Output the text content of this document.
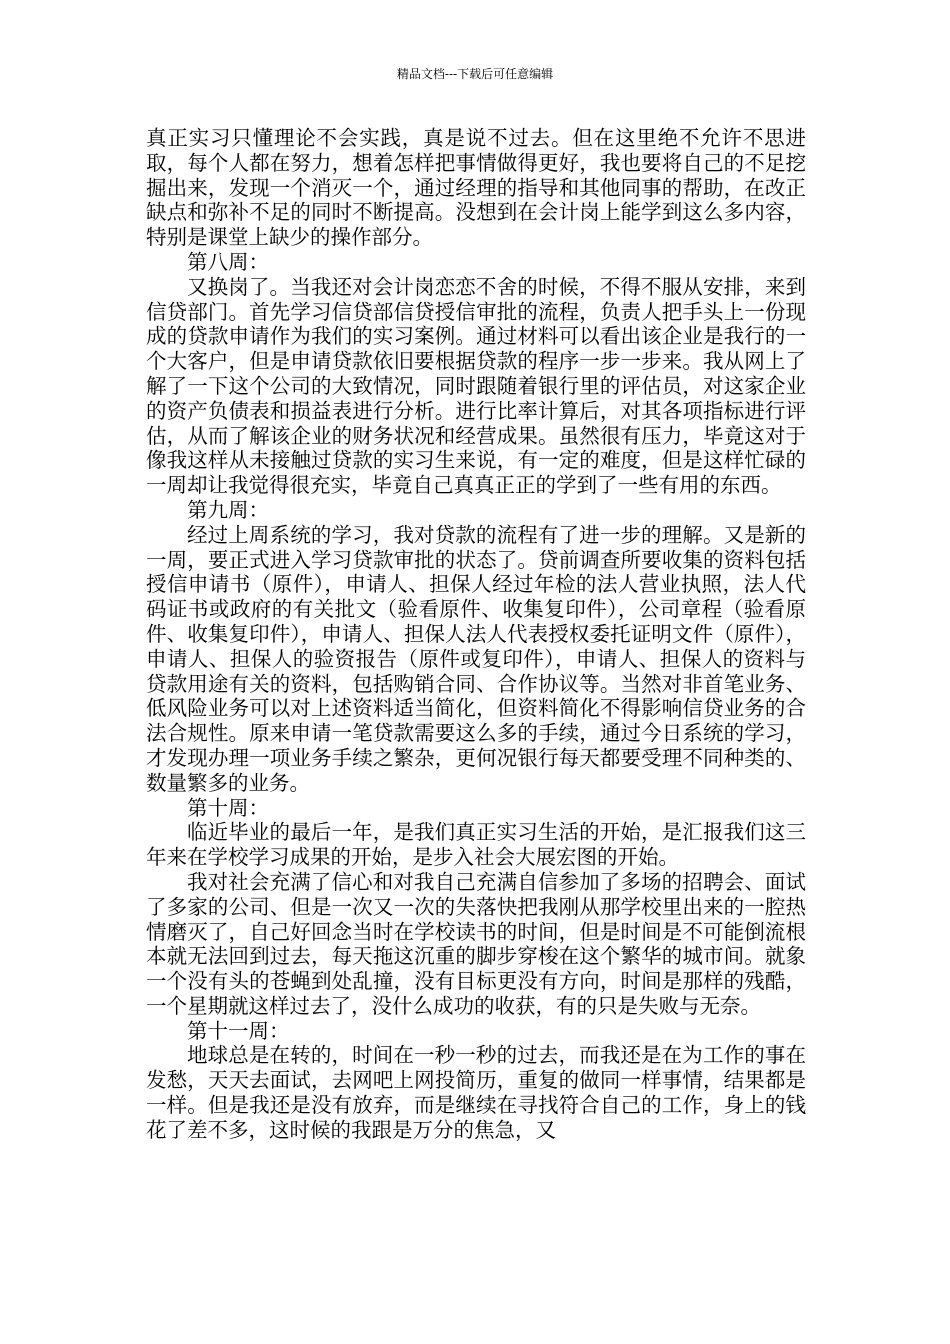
精品文档---下载后可任意编辑

真正实习只懂理论不会实践，真是说不过去。但在这里绝不允许不思进取，每个人都在努力，想着怎样把事情做得更好，我也要将自己的不足挖掘出来，发现一个消灭一个，通过经理的指导和其他同事的帮助，在改正缺点和弥补不足的同时不断提高。没想到在会计岗上能学到这么多内容，特别是课堂上缺少的操作部分。

第八周：

又换岗了。当我还对会计岗恋恋不舍的时候，不得不服从安排，来到信贷部门。首先学习信贷部信贷授信审批的流程，负责人把手头上一份现成的贷款申请作为我们的实习案例。通过材料可以看出该企业是我行的一个大客户，但是申请贷款依旧要根据贷款的程序一步一步来。我从网上了解了一下这个公司的大致情况，同时跟随着银行里的评估员，对这家企业的资产负债表和损益表进行分析。进行比率计算后，对其各项指标进行评估，从而了解该企业的财务状况和经营成果。虽然很有压力，毕竟这对于像我这样从未接触过贷款的实习生来说，有一定的难度，但是这样忙碌的一周却让我觉得很充实，毕竟自己真真正正的学到了一些有用的东西。

第九周：

经过上周系统的学习，我对贷款的流程有了进一步的理解。又是新的一周，要正式进入学习贷款审批的状态了。贷前调查所要收集的资料包括授信申请书（原件），申请人、担保人经过年检的法人营业执照，法人代码证书或政府的有关批文（验看原件、收集复印件），公司章程（验看原件、收集复印件），申请人、担保人法人代表授权委托证明文件（原件），申请人、担保人的验资报告（原件或复印件），申请人、担保人的资料与贷款用途有关的资料，包括购销合同、合作协议等。当然对非首笔业务、低风险业务可以对上述资料适当简化，但资料简化不得影响信贷业务的合法合规性。原来申请一笔贷款需要这么多的手续，通过今日系统的学习，才发现办理一项业务手续之繁杂，更何况银行每天都要受理不同种类的、数量繁多的业务。

第十周：

临近毕业的最后一年，是我们真正实习生活的开始，是汇报我们这三年来在学校学习成果的开始，是步入社会大展宏图的开始。

我对社会充满了信心和对我自己充满自信参加了多场的招聘会、面试了多家的公司、但是一次又一次的失落快把我刚从那学校里出来的一腔热情磨灭了，自己好回念当时在学校读书的时间，但是时间是不可能倒流根本就无法回到过去，每天拖这沉重的脚步穿梭在这个繁华的城市间。就象一个没有头的苍蝇到处乱撞，没有目标更没有方向，时间是那样的残酷，一个星期就这样过去了，没什么成功的收获，有的只是失败与无奈。

第十一周：

地球总是在转的，时间在一秒一秒的过去，而我还是在为工作的事在发愁，天天去面试，去网吧上网投简历，重复的做同一样事情，结果都是一样。但是我还是没有放弃，而是继续在寻找符合自己的工作，身上的钱花了差不多，这时候的我跟是万分的焦急，又
